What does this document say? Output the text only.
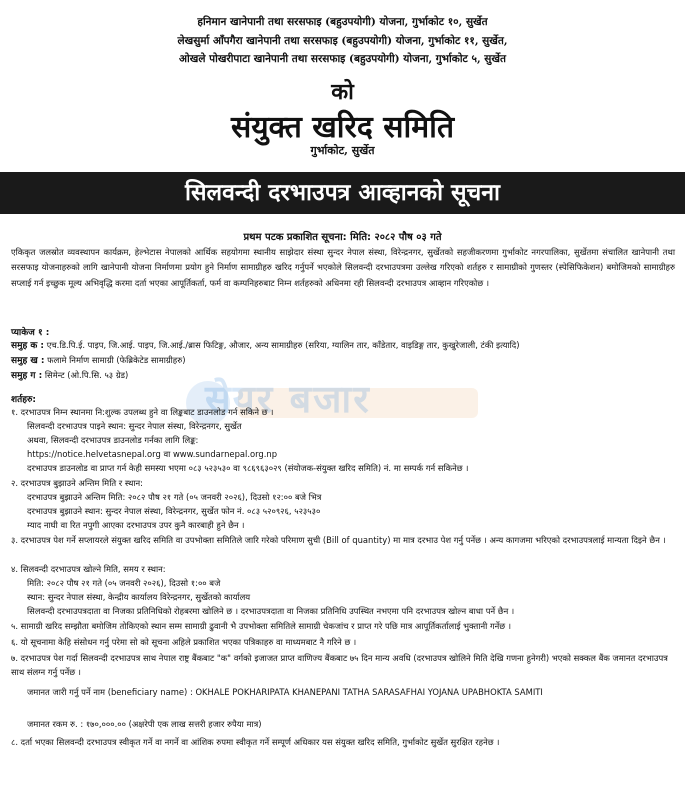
हनिमान खानेपानी तथा सरसफाइ (बहुउपयोगी) योजना, गुर्भाकोट १०, सुर्खेत
लेखसुर्मा आँपगैरा खानेपानी तथा सरसफाइ (बहुउपयोगी) योजना, गुर्भाकोट ११, सुर्खेत,
ओखले पोखरीपाटा खानेपानी तथा सरसफाइ (बहुउपयोगी) योजना, गुर्भाकोट ५, सुर्खेत
को
संयुक्त खरिद समिति
गुर्भाकोट, सुर्खेत
सिलवन्दी दरभाउपत्र आव्हानको सूचना
प्रथम पटक प्रकाशित सूचना: मिति: २०८२ पौष ०३ गते
एकिकृत जलस्रोत व्यवस्थापन कार्यक्रम, हेल्भेटास नेपालको आर्थिक सहयोगमा स्थानीय साझेदार संस्था सुन्दर नेपाल संस्था, विरेन्द्रनगर, सुर्खेतको सहजीकरणमा गुर्भाकोट नगरपालिका, सुर्खेतमा संचालित खानेपानी तथा सरसफाइ योजनाहरुको लागि खानेपानी योजना निर्माणमा प्रयोग हुने निर्माण सामाग्रीहरु खरिद गर्नुपर्ने भएकोले सिलवन्दी दरभाउपत्रमा उल्लेख गरिएको शर्तहरु र सामाग्रीको गुणस्तर (स्पेसिफिकेशन) बमोजिमको सामाग्रीहरु सप्लाई गर्न इच्छुक मूल्य अभिवृद्धि करमा दर्ता भएका आपूर्तिकर्ता, फर्म वा कम्पनिहरुबाट निम्न शर्तहरुको अधिनमा रही सिलवन्दी दरभाउपत्र आव्हान गरिएकोछ ।
प्याकेज १ :
समुह क : एच.डि.पि.ई. पाइप, जि.आई. पाइप, जि.आई./ब्रास फिटिङ्ग, औजार, अन्य सामाग्रीहरु (सरिया, ग्यालिन तार, काँडेतार, वाइडिङ्ग तार, कुखुरेजाली, टंकी इत्यादि)
समुह ख : फलामे निर्माण सामाग्री (फेब्रिकेटेड सामाग्रीहरु)
समुह ग : सिमेन्ट (ओ.पि.सि. ५३ ग्रेड)
सेयर बजार
शर्तहरु:
१. दरभाउपत्र निम्न स्थानमा नि:शुल्क उपलब्ध हुने वा लिङ्कबाट डाउनलोड गर्न सकिने छ ।
सिलवन्दी दरभाउपत्र पाइने स्थान: सुन्दर नेपाल संस्था, विरेन्द्रनगर, सुर्खेत
अथवा, सिलवन्दी दरभाउपत्र डाउनलोड गर्नका लागि लिङ्क:
https://notice.helvetasnepal.org वा www.sundarnepal.org.np
दरभाउपत्र डाउनलोड वा प्राप्त गर्न केही समस्या भएमा ०८३ ५२३५३० वा ९८६९६३०२९ (संयोजक-संयुक्त खरिद समिति) नं. मा सम्पर्क गर्न सकिनेछ ।
२. दरभाउपत्र बुझाउने अन्तिम मिति र स्थान:
दरभाउपत्र बुझाउने अन्तिम मिति: २०८२ पौष २१ गते (०५ जनवरी २०२६), दिउसो १२:०० बजे भित्र
दरभाउपत्र बुझाउने स्थान: सुन्दर नेपाल संस्था, विरेन्द्रनगर, सुर्खेत फोन नं. ०८३ ५२०९२६, ५२३५३०
म्याद नाघी वा रित नपुगी आएका दरभाउपत्र उपर कुनै कारबाही हुने छैन ।
३. दरभाउपत्र पेश गर्ने सप्लायरले संयुक्त खरिद समिति वा उपभोक्ता समितिले जारि गरेको परिमाण सुची (Bill of quantity) मा मात्र दरभाउ पेश गर्नु पर्नेछ । अन्य कागजमा भरिएको दरभाउपत्रलाई मान्यता दिइने छैन ।
४. सिलवन्दी दरभाउपत्र खोल्ने मिति, समय र स्थान:
मिति: २०८२ पौष २१ गते (०५ जनवरी २०२६), दिउसो १:०० बजे
स्थान: सुन्दर नेपाल संस्था, केन्द्रीय कार्यालय विरेन्द्रनगर, सुर्खेतको कार्यालय
सिलवन्दी दरभाउपत्रदाता वा निजका प्रतिनिधिको रोहबरमा खोलिने छ । दरभाउपत्रदाता वा निजका प्रतिनिधि उपस्थित नभएमा पनि दरभाउपत्र खोल्न बाधा पर्ने छैन ।
५. सामाग्री खरिद सम्झौता बमोजिम तोकिएको स्थान सम्म सामाग्री ढुवानी भै उपभोक्ता समितिले सामाग्री चेकजांच र प्राप्त गरे पछि मात्र आपूर्तिकर्तालाई भुक्तानी गर्नेछ ।
६. यो सूचनामा केहि संसोधन गर्नु परेमा सो को सूचना अहिले प्रकाशित भएका पत्रिकाहरु वा माध्यमबाट नै गरिने छ ।
७. दरभाउपत्र पेश गर्दा सिलवन्दी दरभाउपत्र साथ नेपाल राष्ट्र बैंकबाट "क" वर्गको इजाजत प्राप्त वाणिज्य बैंकबाट ७५ दिन मान्य अवधि (दरभाउपत्र खोलिने मिति देखि गणना हुनेगरी) भएको सक्कल बैंक जमानत दरभाउपत्र साथ संलग्न गर्नु पर्नेछ ।
जमानत जारी गर्नु पर्ने नाम (beneficiary name) : OKHALE POKHARIPATA KHANEPANI TATHA SARASAFHAI YOJANA UPABHOKTA SAMITI
जमानत रकम रु. : १७०,०००.०० (अक्षरेपी एक लाख सत्तरी हजार रुपैया मात्र)
८. दर्ता भएका सिलवन्दी दरभाउपत्र स्वीकृत गर्ने वा नगर्ने वा आंशिक रुपमा स्वीकृत गर्ने सम्पूर्ण अधिकार यस संयुक्त खरिद समिति, गुर्भाकोट सुर्खेत सुरक्षित रहनेछ ।
